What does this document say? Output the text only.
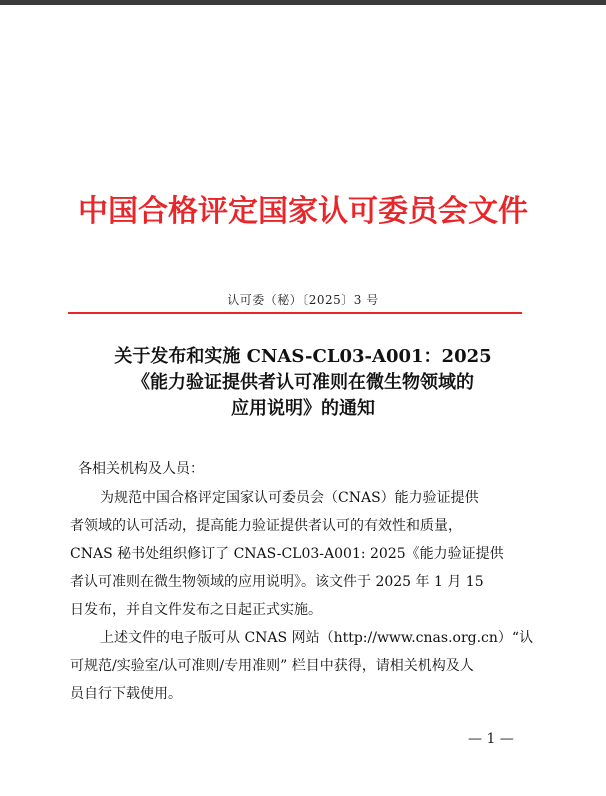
中国合格评定国家认可委员会文件
认可委（秘）〔2025〕3 号
关于发布和实施 CNAS-CL03-A001：2025
《能力验证提供者认可准则在微生物领域的
应用说明》的通知
各相关机构及人员：
为规范中国合格评定国家认可委员会（CNAS）能力验证提供
者领域的认可活动，提高能力验证提供者认可的有效性和质量，
CNAS 秘书处组织修订了 CNAS-CL03-A001: 2025《能力验证提供
者认可准则在微生物领域的应用说明》。该文件于 2025 年 1 月 15
日发布，并自文件发布之日起正式实施。
上述文件的电子版可从 CNAS 网站（http://www.cnas.org.cn）“认
可规范/实验室/认可准则/专用准则” 栏目中获得，请相关机构及人
员自行下载使用。
— 1 —
